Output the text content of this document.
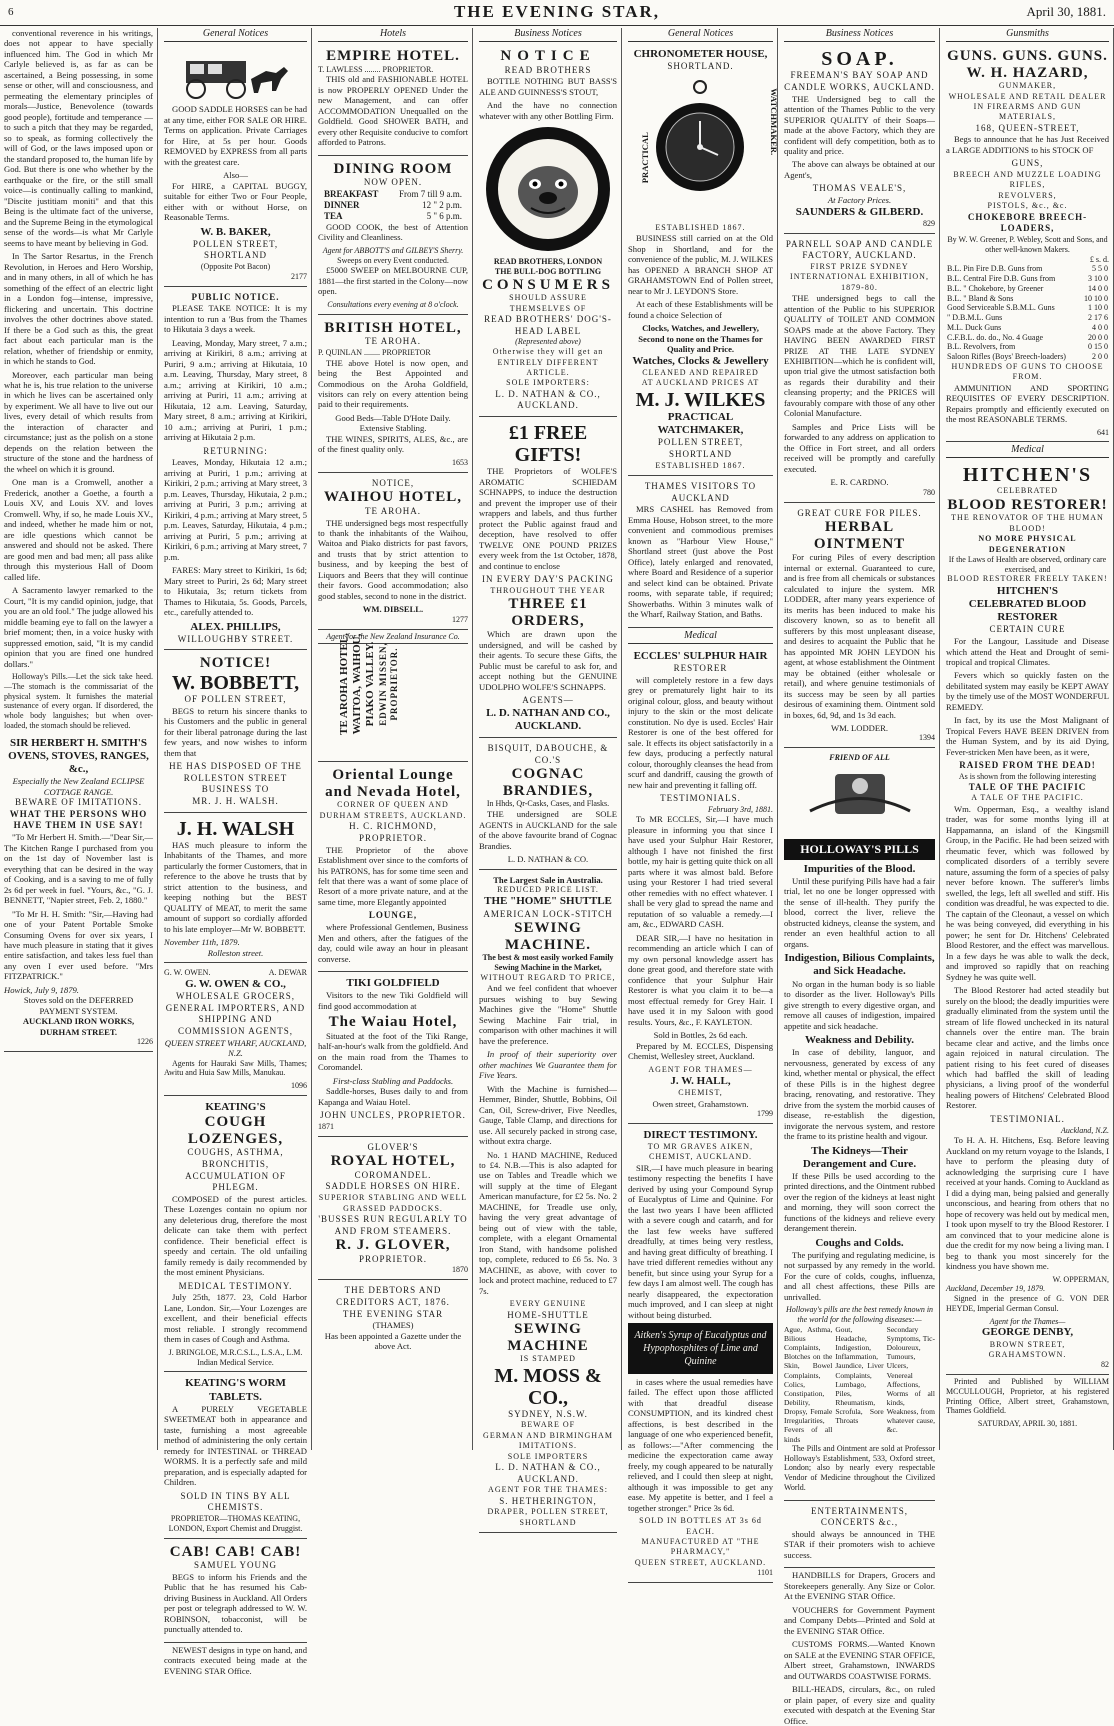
6	THE EVENING STAR,	April 30, 1881.

conventional reverence in his writings, does not appear to have specially influenced him. The God in which Mr Carlyle believed is, as far as can be ascertained, a Being possessing, in some sense or other, will and consciousness, and permeating the elementary principles of morals—Justice, Benevolence (towards good people), fortitude and temperance —to such a pitch that they may be regarded, so to speak, as forming collectively the will of God, or the laws imposed upon or the standard proposed to, the human life by God. But there is one who whether by the earthquake or the fire, or the still small voice—is continually calling to mankind, "Discite justitiam moniti" and that this Being is the ultimate fact of the universe, and the Supreme Being in the etymological sense of the words—is what Mr Carlyle seems to have meant by believing in God.

In The Sartor Resartus, in the French Revolution, in Heroes and Hero Worship, and in many others, in all of which he has something of the effect of an electric light in a London fog—intense, impressive, flickering and uncertain. This doctrine involves the other doctrines above stated. If there be a God such as this, the great fact about each particular man is the relation, whether of friendship or enmity, in which he stands to God.

Moreover, each particular man being what he is, his true relation to the universe in which he lives can be ascertained only by experiment. We all have to live out our lives, every detail of which results from the interaction of character and circumstance; just as the polish on a stone depends on the relation between the structure of the stone and the hardness of the wheel on which it is ground.

One man is a Cromwell, another a Frederick, another a Goethe, a fourth a Louis XV, and Louis XV. and loves Cromwell. Why, if so, he made Louis XV., and indeed, whether he made him or not, are idle questions which cannot be answered and should not be asked. There are good men and bad men; all pass alike through this mysterious Hall of Doom called life.

A Sacramento lawyer remarked to the Court, "It is my candid opinion, judge, that you are an old fool." The judge allowed his middle beaming eye to fall on the lawyer a brief moment; then, in a voice husky with suppressed emotion, said, "It is my candid opinion that you are fined one hundred dollars."

Holloway's Pills.—Let the sick take heed.—The stomach is the commissariat of the physical system. It furnishes the material sustenance of every organ. If disordered, the whole body languishes; but when over-loaded, the stomach should be relieved.

SIR HERBERT H. SMITH'S OVENS, STOVES, RANGES, &c.,
Especially the New Zealand ECLIPSE COTTAGE RANGE.
BEWARE OF IMITATIONS.
WHAT THE PERSONS WHO HAVE THEM IN USE SAY!

"To Mr Herbert H. Smith.—"Dear Sir,—The Kitchen Range I purchased from you on the 1st day of November last is everything that can be desired in the way of Cooking, and is a saving to me of fully 2s 6d per week in fuel. "Yours, &c., "G. J. BENNETT, "Napier street, Feb. 2, 1880."

"To Mr H. H. Smith: "Sir,—Having had one of your Patent Portable Smoke Consuming Ovens for over six years, I have much pleasure in stating that it gives entire satisfaction, and takes less fuel than any oven I ever used before. "Mrs FITZPATRICK."

Howick, July 9, 1879.
Stoves sold on the DEFERRED PAYMENT SYSTEM.
AUCKLAND IRON WORKS, DURHAM STREET.
1226
General Notices

GOOD SADDLE HORSES can be had at any time, either FOR SALE OR HIRE. Terms on application. Private Carriages for Hire, at 5s per hour. Goods REMOVED by EXPRESS from all parts with the greatest care.

Also—

For HIRE, a CAPITAL BUGGY, suitable for either Two or Four People, either with or without Horse, on Reasonable Terms.

W. B. BAKER,
POLLEN STREET, SHORTLAND
(Opposite Pot Bacon)
2177
PUBLIC NOTICE.

PLEASE TAKE NOTICE: It is my intention to run a 'Bus from the Thames to Hikutaia 3 days a week.

Leaving, Monday, Mary street, 7 a.m.; arriving at Kirikiri, 8 a.m.; arriving at Puriri, 9 a.m.; arriving at Hikutaia, 10 a.m. Leaving, Thursday, Mary street, 8 a.m.; arriving at Kirikiri, 10 a.m.; arriving at Puriri, 11 a.m.; arriving at Hikutaia, 12 a.m. Leaving, Saturday, Mary street, 8 a.m.; arriving at Kirikiri, 10 a.m.; arriving at Puriri, 1 p.m.; arriving at Hikutaia 2 p.m.

RETURNING:

Leaves, Monday, Hikutaia 12 a.m.; arriving at Puriri, 1 p.m.; arriving at Kirikiri, 2 p.m.; arriving at Mary street, 3 p.m. Leaves, Thursday, Hikutaia, 2 p.m.; arriving at Puriri, 3 p.m.; arriving at Kirikiri, 4 p.m.; arriving at Mary street, 5 p.m. Leaves, Saturday, Hikutaia, 4 p.m.; arriving at Puriri, 5 p.m.; arriving at Kirikiri, 6 p.m.; arriving at Mary street, 7 p.m.

FARES: Mary street to Kirikiri, 1s 6d; Mary street to Puriri, 2s 6d; Mary street to Hikutaia, 3s; return tickets from Thames to Hikutaia, 5s. Goods, Parcels, etc., carefully attended to.

ALEX. PHILLIPS,
WILLOUGHBY STREET.
NOTICE!
W. BOBBETT,
OF POLLEN STREET,

BEGS to return his sincere thanks to his Customers and the public in general for their liberal patronage during the last few years, and now wishes to inform them that

HE HAS DISPOSED OF THE
ROLLESTON STREET BUSINESS TO
MR. J. H. WALSH.
J. H. WALSH

HAS much pleasure to inform the Inhabitants of the Thames, and more particularly the former Customers, that in reference to the above he trusts that by strict attention to the business, and keeping nothing but the BEST QUALITY of MEAT, to merit the same amount of support so cordially afforded to his late employer—Mr W. BOBBETT.

November 11th, 1879.
Rolleston street.
G. W. OWEN.	A. DEWAR
G. W. OWEN & CO.,
WHOLESALE GROCERS, GENERAL IMPORTERS, AND SHIPPING AND COMMISSION AGENTS,
QUEEN STREET WHARF, AUCKLAND, N.Z.

Agents for Hauraki Saw Mills, Thames; Awitu and Huia Saw Mills, Manukau.

1096
KEATING'S
COUGH LOZENGES,
COUGHS, ASTHMA, BRONCHITIS, ACCUMULATION OF PHLEGM.

COMPOSED of the purest articles. These Lozenges contain no opium nor any deleterious drug, therefore the most delicate can take them with perfect confidence. Their beneficial effect is speedy and certain. The old unfailing family remedy is daily recommended by the most eminent Physicians.

MEDICAL TESTIMONY.

July 25th, 1877. 23, Cold Harbor Lane, London. Sir,—Your Lozenges are excellent, and their beneficial effects most reliable. I strongly recommend them in cases of Cough and Asthma.

J. BRINGLOE, M.R.C.S.L., L.S.A., L.M. Indian Medical Service.
KEATING'S WORM TABLETS.

A PURELY VEGETABLE SWEETMEAT both in appearance and taste, furnishing a most agreeable method of administering the only certain remedy for INTESTINAL or THREAD WORMS. It is a perfectly safe and mild preparation, and is especially adapted for Children.

SOLD IN TINS BY ALL CHEMISTS.
PROPRIETOR—THOMAS KEATING, LONDON, Export Chemist and Druggist.
CAB! CAB! CAB!
SAMUEL YOUNG

BEGS to inform his Friends and the Public that he has resumed his Cab-driving Business in Auckland. All Orders per post or telegraph addressed to W. W. ROBINSON, tobacconist, will be punctually attended to.

NEWEST designs in type on hand, and contracts executed being made at the EVENING STAR Office.

Hotels
EMPIRE HOTEL.
T. LAWLESS ........ PROPRIETOR.

THIS old and FASHIONABLE HOTEL is now PROPERLY OPENED Under the new Management, and can offer ACCOMMODATION Unequalled on the Goldfield. Good SHOWER BATH, and every other Requisite conducive to comfort afforded to Patrons.

DINING ROOM
NOW OPEN.
BREAKFAST From 7 till 9 a.m.
DINNER	12 " 2 p.m.
TEA	5 " 6 p.m.

GOOD COOK, the best of Attention Civility and Cleanliness.

Agent for ABBOTT'S and GILBEY'S Sherry.
Sweeps on every Event conducted.

£5000 SWEEP on MELBOURNE CUP, 1881—the first started in the Colony—now open.

Consultations every evening at 8 o'clock.
BRITISH HOTEL,
TE AROHA.
P. QUINLAN ........ PROPRIETOR

THE above Hotel is now open, and being the Best Appointed and Commodious on the Aroha Goldfield, visitors can rely on every attention being paid to their requirements.

Good Beds—Table D'Hote Daily.
Extensive Stabling.

THE WINES, SPIRITS, ALES, &c., are of the finest quality only.

1653
NOTICE,
WAIHOU HOTEL,
TE AROHA.

THE undersigned begs most respectfully to thank the inhabitants of the Waihou, Waitoa and Piako districts for past favors, and trusts that by strict attention to business, and by keeping the best of Liquors and Beers that they will continue their favors. Good accommodation; also good stables, second to none in the district.

WM. DIBSELL.
1277
Agent for the New Zealand Insurance Co.
TE AROHA HOTEL, WAITOA, WAIHOU, PIAKO VALLEY. EDWIN MISSEN, PROPRIETOR.
Oriental Lounge and Nevada Hotel,
CORNER OF QUEEN AND DURHAM STREETS, AUCKLAND.
H. C. RICHMOND, PROPRIETOR.

THE Proprietor of the above Establishment over since to the comforts of his PATRONS, has for some time seen and felt that there was a want of some place of Resort of a more private nature, and at the same time, more Elegantly appointed

LOUNGE,

where Professional Gentlemen, Business Men and others, after the fatigues of the day, could wile away an hour in pleasant converse.

TIKI GOLDFIELD

Visitors to the new Tiki Goldfield will find good accommodation at

The Waiau Hotel,

Situated at the foot of the Tiki Range, half-an-hour's walk from the goldfield. And on the main road from the Thames to Coromandel.

First-class Stabling and Paddocks.

Saddle-horses, Buses daily to and from Kapanga and Waiau Hotel.

JOHN UNCLES, PROPRIETOR.
1871
GLOVER'S
ROYAL HOTEL,
COROMANDEL.
SADDLE HORSES ON HIRE.
SUPERIOR STABLING AND WELL GRASSED PADDOCKS.
'BUSSES RUN REGULARLY TO AND FROM STEAMERS.
R. J. GLOVER,
PROPRIETOR.
1870
THE DEBTORS AND CREDITORS ACT, 1876.
THE EVENING STAR
(THAMES)
Has been appointed a Gazette under the above Act.
Business Notices
NOTICE
READ BROTHERS

BOTTLE NOTHING BUT BASS'S ALE AND GUINNESS'S STOUT,

And the have no connection whatever with any other Bottling Firm.

READ BROTHERS, LONDON
THE BULL-DOG BOTTLING
CONSUMERS
SHOULD ASSURE THEMSELVES OF
READ BROTHERS' DOG'S-HEAD LABEL
(Represented above)
Otherwise they will get an ENTIRELY DIFFERENT ARTICLE.
SOLE IMPORTERS:
L. D. NATHAN & CO.,
AUCKLAND.
£1 FREE GIFTS!

THE Proprietors of WOLFE'S AROMATIC SCHIEDAM SCHNAPPS, to induce the destruction and prevent the improper use of their wrappers and labels, and thus further protect the Public against fraud and deception, have resolved to offer TWELVE ONE POUND PRIZES every week from the 1st October, 1878, and continue to enclose

IN EVERY DAY'S PACKING
THROUGHOUT THE YEAR
THREE £1 ORDERS,

Which are drawn upon the undersigned, and will be cashed by their agents. To secure these Gifts, the Public must be careful to ask for, and accept nothing but the GENUINE UDOLPHO WOLFE'S SCHNAPPS.

AGENTS—
L. D. NATHAN AND CO., AUCKLAND.
BISQUIT, DABOUCHE, & CO.'S
COGNAC BRANDIES,
In Hhds, Qr-Casks, Cases, and Flasks.

THE undersigned are SOLE AGENTS in AUCKLAND for the sale of the above favourite brand of Cognac Brandies.

L. D. NATHAN & CO.
The Largest Sale in Australia.
REDUCED PRICE LIST.
THE "HOME" SHUTTLE
AMERICAN LOCK-STITCH
SEWING MACHINE.
The best & most easily worked Family Sewing Machine in the Market,
WITHOUT REGARD TO PRICE,

And we feel confident that whoever pursues wishing to buy Sewing Machines give the "Home" Shuttle Sewing Machine Fair trial, in comparison with other machines it will have the preference.

In proof of their superiority over other machines We Guarantee them for Five Years.

With the Machine is furnished—Hemmer, Binder, Shuttle, Bobbins, Oil Can, Oil, Screw-driver, Five Needles, Gauge, Table Clamp, and directions for use. All securely packed in strong case, without extra charge.

No. 1 HAND MACHINE, Reduced to £4. N.B.—This is also adapted for use on Tables and Treadle which we will supply at the time of Elegant American manufacture, for £2 5s. No. 2 MACHINE, for Treadle use only, having the very great advantage of being out of view with the table, complete, with a elegant Ornamental Iron Stand, with handsome polished top, complete, reduced to £6 5s. No. 3 MACHINE, as above, with cover to lock and protect machine, reduced to £7 7s.

EVERY GENUINE
HOME-SHUTTLE
SEWING MACHINE
IS STAMPED
M. MOSS & CO.,
SYDNEY, N.S.W.
BEWARE OF
GERMAN AND BIRMINGHAM IMITATIONS.
SOLE IMPORTERS
L. D. NATHAN & CO., AUCKLAND.
AGENT FOR THE THAMES:
S. HETHERINGTON,
DRAPER, POLLEN STREET, SHORTLAND
General Notices
CHRONOMETER HOUSE,
SHORTLAND.
PRACTICAL
WATCHMAKER.
ESTABLISHED 1867.

BUSINESS still carried on at the Old Shop in Shortland, and for the convenience of the public, M. J. WILKES has OPENED A BRANCH SHOP AT GRAHAMSTOWN End of Pollen street, near to Mr J. LEYDON'S Store.

At each of these Establishments will be found a choice Selection of

Clocks, Watches, and Jewellery, Second to none on the Thames for Quality and Price.
Watches, Clocks & Jewellery
CLEANED AND REPAIRED
AT AUCKLAND PRICES AT
M. J. WILKES
PRACTICAL WATCHMAKER,
POLLEN STREET, SHORTLAND
ESTABLISHED 1867.
THAMES VISITORS TO AUCKLAND

MRS CASHEL has Removed from Emma House, Hobson street, to the more convenient and commodious premises known as "Harbour View House," Shortland street (just above the Post Office), lately enlarged and renovated, where Board and Residence of a superior and select kind can be obtained. Private rooms, with separate table, if required; Showerbaths. Within 3 minutes walk of the Wharf, Railway Station, and Baths.

Medical
ECCLES' SULPHUR HAIR
RESTORER

will completely restore in a few days grey or prematurely light hair to its original colour, gloss, and beauty without injury to the skin or the most delicate constitution. No dye is used. Eccles' Hair Restorer is one of the best offered for sale. It effects its object satisfactorily in a few days, producing a perfectly natural colour, thoroughly cleanses the head from scurf and dandriff, causing the growth of new hair and preventing it falling off.

TESTIMONIALS.
February 3rd, 1881.

To MR ECCLES, Sir,—I have much pleasure in informing you that since I have used your Sulphur Hair Restorer, although I have not finished the first bottle, my hair is getting quite thick on all parts where it was almost bald. Before using your Restorer I had tried several other remedies with no effect whatever. I shall be very glad to spread the name and reputation of so valuable a remedy.—I am, &c., EDWARD CASH.

DEAR SIR,—I have no hesitation in recommending an article which I can of my own personal knowledge assert has done great good, and therefore state with confidence that your Sulphur Hair Restorer is what you claim it to be—a most effectual remedy for Grey Hair. I have used it in my Saloon with good results. Yours, &c., F. KAYLETON.

Sold in Bottles, 2s 6d each.

Prepared by M. ECCLES, Dispensing Chemist, Wellesley street, Auckland.

AGENT FOR THAMES—
J. W. HALL,
CHEMIST,
Owen street, Grahamstown.
1799
DIRECT TESTIMONY.
TO MR GRAVES AIKEN, CHEMIST, AUCKLAND.

SIR,—I have much pleasure in bearing testimony respecting the benefits I have derived by using your Compound Syrup of Eucalyptus of Lime and Quinine. For the last two years I have been afflicted with a severe cough and catarrh, and for the last few weeks have suffered dreadfully, at times being very restless, and having great difficulty of breathing. I have tried different remedies without any benefit, but since using your Syrup for a few days I am almost well. The cough has nearly disappeared, the expectoration much improved, and I can sleep at night without being disturbed.

Aitken's Syrup of Eucalyptus and Hypophosphites of Lime and Quinine

in cases where the usual remedies have failed. The effect upon those afflicted with that dreadful disease CONSUMPTION, and its kindred chest affections, is best described in the language of one who experienced benefit, as follows:—"After commencing the medicine the expectoration came away freely, my cough appeared to be naturally relieved, and I could then sleep at night, although it was impossible to get any ease. My appetite is better, and I feel a together stronger." Price 3s 6d.

SOLD IN BOTTLES AT 3s 6d EACH.
MANUFACTURED AT "THE PHARMACY,"
QUEEN STREET, AUCKLAND.
1101
Business Notices
SOAP.
FREEMAN'S BAY SOAP AND CANDLE WORKS, AUCKLAND.

THE Undersigned beg to call the attention of the Thames Public to the very SUPERIOR QUALITY of their Soaps—made at the above Factory, which they are confident will defy competition, both as to quality and price.

The above can always be obtained at our Agent's,

THOMAS VEALE'S,
At Factory Prices.
SAUNDERS & GILBERD.
829
PARNELL SOAP AND CANDLE FACTORY, AUCKLAND.
FIRST PRIZE SYDNEY INTERNATIONAL EXHIBITION, 1879-80.

THE undersigned begs to call the attention of the Public to his SUPERIOR QUALITY of TOILET AND COMMON SOAPS made at the above Factory. They HAVING BEEN AWARDED FIRST PRIZE AT THE LATE SYDNEY EXHIBITION—which he is confident will, upon trial give the utmost satisfaction both as regards their durability and their cleansing property; and the PRICES will favourably compare with those of any other Colonial Manufacture.

Samples and Price Lists will be forwarded to any address on application to the Office in Fort street, and all orders received will be promptly and carefully executed.

E. R. CARDNO.
780
GREAT CURE FOR PILES.
HERBAL OINTMENT

For curing Piles of every description internal or external. Guaranteed to cure, and is free from all chemicals or substances calculated to injure the system. MR LODDER, after many years experience of its merits has been induced to make his discovery known, so as to benefit all sufferers by this most unpleasant disease, and desires to acquaint the Public that he has appointed MR JOHN LEYDON his agent, at whose establishment the Ointment may be obtained (either wholesale or retail), and where genuine testimonials of its success may be seen by all parties desirous of examining them. Ointment sold in boxes, 6d, 9d, and 1s 3d each.

WM. LODDER.
1394
FRIEND OF ALL
HOLLOWAY'S PILLS
Impurities of the Blood.

Until these purifying Pills have had a fair trial, let no one be longer oppressed with the sense of ill-health. They purify the blood, correct the liver, relieve the obstructed kidneys, cleanse the system, and render an even healthful action to all organs.

Indigestion, Bilious Complaints, and Sick Headache.

No organ in the human body is so liable to disorder as the liver. Holloway's Pills give strength to every digestive organ, and remove all causes of indigestion, impaired appetite and sick headache.

Weakness and Debility.

In case of debility, languor, and nervousness, generated by excess of any kind, whether mental or physical, the effect of these Pills is in the highest degree bracing, renovating, and restorative. They drive from the system the morbid causes of disease, re-establish the digestion, invigorate the nervous system, and restore the frame to its pristine health and vigour.

The Kidneys—Their Derangement and Cure.

If these Pills be used according to the printed directions, and the Ointment rubbed over the region of the kidneys at least night and morning, they will soon correct the functions of the kidneys and relieve every derangement therein.

Coughs and Colds.

The purifying and regulating medicine, is not surpassed by any remedy in the world. For the cure of colds, coughs, influenza, and all chest affections, these Pills are unrivalled.

Holloway's pills are the best remedy known in the world for the following diseases:—
Ague, Asthma, Bilious Complaints, Blotches on the Skin, Bowel Complaints, Colics, Constipation, Debility, Dropsy, Female Irregularities, Fevers of all kinds
Gout, Headache, Indigestion, Inflammation, Jaundice, Liver Complaints, Lumbago, Piles, Rheumatism, Scrofula, Sore Throats
Secondary Symptoms, Tic-Doloureux, Tumours, Ulcers, Venereal Affections, Worms of all kinds, Weakness, from whatever cause, &c.

The Pills and Ointment are sold at Professor Holloway's Establishment, 533, Oxford street, London; also by nearly every respectable Vendor of Medicine throughout the Civilized World.

ENTERTAINMENTS, CONCERTS &c.,

should always be announced in THE STAR if their promoters wish to achieve success.

HANDBILLS for Drapers, Grocers and Storekeepers generally. Any Size or Color. At the EVENING STAR Office.

VOUCHERS for Government Payment and Company Debts—Printed and Sold at the EVENING STAR Office.

CUSTOMS FORMS.—Wanted Known on SALE at the EVENING STAR OFFICE, Albert street, Grahamstown, INWARDS and OUTWARDS COASTWISE FORMS.

BILL-HEADS, circulars, &c., on ruled or plain paper, of every size and quality executed with despatch at the Evening Star Office.

Gunsmiths
GUNS. GUNS. GUNS.
W. H. HAZARD,
GUNMAKER,
WHOLESALE AND RETAIL DEALER IN FIREARMS AND GUN MATERIALS,
168, QUEEN-STREET,

Begs to announce that he has Just Received a LARGE ADDITIONS to his STOCK OF

GUNS,
BREECH AND MUZZLE LOADING RIFLES,
REVOLVERS,
PISTOLS, &c., &c.
CHOKEBORE BREECH-LOADERS,
By W. W. Greener, P. Webley, Scott and Sons, and other well-known Makers.
£ s. d.
B.L. Pin Fire D.B. Guns from	5 5 0
B.L. Central Fire D.B. Guns from	3 10 0
B.L. " Chokebore, by Greener	14 0 0
B.L. " Bland & Sons	10 10 0
Good Serviceable S.B.M.L. Guns	1 10 0
" D.B.M.L. Guns	2 17 6
M.L. Duck Guns	4 0 0
C.F.B.L. do. do., No. 4 Guage	20 0 0
B.L. Revolvers, from	0 15 0
Saloon Rifles (Boys' Breech-loaders)	2 0 0
HUNDREDS OF GUNS TO CHOOSE FROM.

AMMUNITION AND SPORTING REQUISITES OF EVERY DESCRIPTION. Repairs promptly and efficiently executed on the most REASONABLE TERMS.

641
Medical
HITCHEN'S
CELEBRATED
BLOOD RESTORER!
THE RENOVATOR OF THE HUMAN BLOOD!
NO MORE PHYSICAL DEGENERATION
If the Laws of Health are observed, ordinary care exercised, and
BLOOD RESTORER FREELY TAKEN!
HITCHEN'S
CELEBRATED BLOOD RESTORER
CERTAIN CURE

For the Langour, Lassitude and Disease which attend the Heat and Drought of semi-tropical and tropical Climates.

Fevers which so quickly fasten on the debilitated system may easily be KEPT AWAY by the timely use of the MOST WONDERFUL REMEDY.

In fact, by its use the Most Malignant of Tropical Fevers HAVE BEEN DRIVEN from the Human System, and by its aid Dying, Fever-stricken Men have been, as it were,

RAISED FROM THE DEAD!
As is shown from the following interesting
TALE OF THE PACIFIC
A TALE OF THE PACIFIC.

Wm. Opperman, Esq., a wealthy island trader, was for some months lying ill at Happamanna, an island of the Kingsmill Group, in the Pacific. He had been seized with rheumatic fever, which was followed by complicated disorders of a terribly severe nature, assuming the form of a species of palsy never before known. The sufferer's limbs swelled, the legs, left all swelled and stiff. His condition was dreadful, he was expected to die. The captain of the Cleonaut, a vessel on which he was being conveyed, did everything in his power; he sent for Dr. Hitchens' Celebrated Blood Restorer, and the effect was marvellous. In a few days he was able to walk the deck, and improved so rapidly that on reaching Sydney he was quite well.

The Blood Restorer had acted steadily but surely on the blood; the deadly impurities were gradually eliminated from the system until the stream of life flowed unchecked in its natural channels over the entire man. The brain became clear and active, and the limbs once again rejoiced in natural circulation. The patient rising to his feet cured of diseases which had baffled the skill of leading physicians, a living proof of the wonderful healing powers of Hitchens' Celebrated Blood Restorer.

TESTIMONIAL.
Auckland, N.Z.

To H. A. H. Hitchens, Esq. Before leaving Auckland on my return voyage to the Islands, I have to perform the pleasing duty of acknowledging the surprising cure I have received at your hands. Coming to Auckland as I did a dying man, being palsied and generally unconscious, and hearing from others that no hope of recovery was held out by medical men, I took upon myself to try the Blood Restorer. I am convinced that to your medicine alone is due the credit for my now being a living man. I beg to thank you most sincerely for the kindness you have shown me.

W. OPPERMAN,
Auckland, December 19, 1879.

Signed in the presence of G. VON DER HEYDE, Imperial German Consul.

Agent for the Thames—
GEORGE DENBY,
BROWN STREET,
GRAHAMSTOWN.
82

Printed and Published by WILLIAM MCCULLOUGH, Proprietor, at his registered Printing Office, Albert street, Grahamstown, Thames Goldfield.

SATURDAY, APRIL 30, 1881.
